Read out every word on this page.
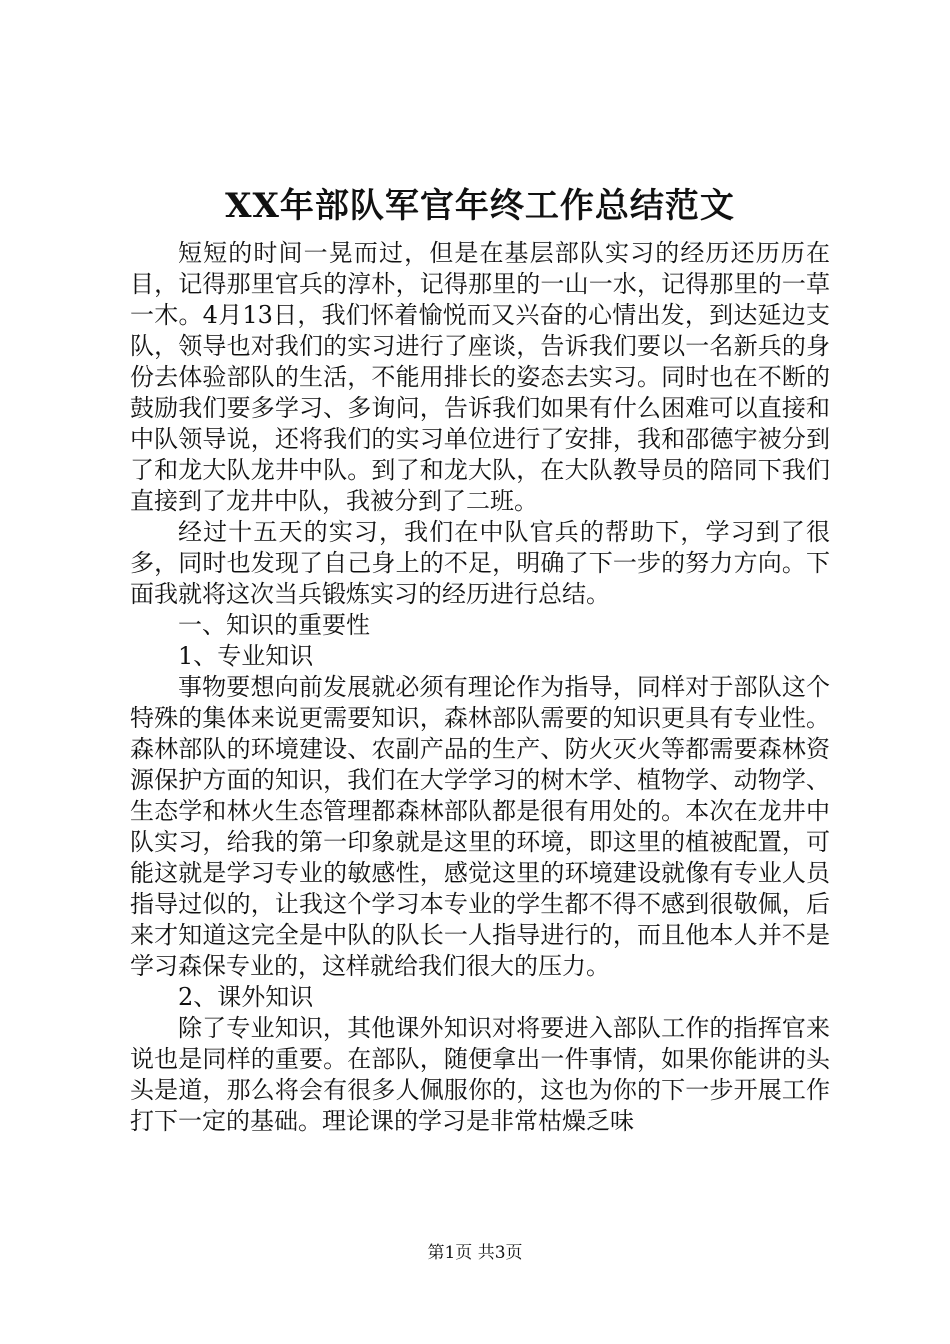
XX年部队军官年终工作总结范文

短短的时间一晃而过，但是在基层部队实习的经历还历历在目，记得那里官兵的淳朴，记得那里的一山一水，记得那里的一草一木。4月13日，我们怀着愉悦而又兴奋的心情出发，到达延边支队，领导也对我们的实习进行了座谈，告诉我们要以一名新兵的身份去体验部队的生活，不能用排长的姿态去实习。同时也在不断的鼓励我们要多学习、多询问，告诉我们如果有什么困难可以直接和中队领导说，还将我们的实习单位进行了安排，我和邵德宇被分到了和龙大队龙井中队。到了和龙大队，在大队教导员的陪同下我们直接到了龙井中队，我被分到了二班。

经过十五天的实习，我们在中队官兵的帮助下，学习到了很多，同时也发现了自己身上的不足，明确了下一步的努力方向。下面我就将这次当兵锻炼实习的经历进行总结。

一、知识的重要性

1、专业知识

事物要想向前发展就必须有理论作为指导，同样对于部队这个特殊的集体来说更需要知识，森林部队需要的知识更具有专业性。森林部队的环境建设、农副产品的生产、防火灭火等都需要森林资源保护方面的知识，我们在大学学习的树木学、植物学、动物学、生态学和林火生态管理都森林部队都是很有用处的。本次在龙井中队实习，给我的第一印象就是这里的环境，即这里的植被配置，可能这就是学习专业的敏感性，感觉这里的环境建设就像有专业人员指导过似的，让我这个学习本专业的学生都不得不感到很敬佩，后来才知道这完全是中队的队长一人指导进行的，而且他本人并不是学习森保专业的，这样就给我们很大的压力。

2、课外知识

除了专业知识，其他课外知识对将要进入部队工作的指挥官来说也是同样的重要。在部队，随便拿出一件事情，如果你能讲的头头是道，那么将会有很多人佩服你的，这也为你的下一步开展工作打下一定的基础。理论课的学习是非常枯燥乏味

第1页 共3页
